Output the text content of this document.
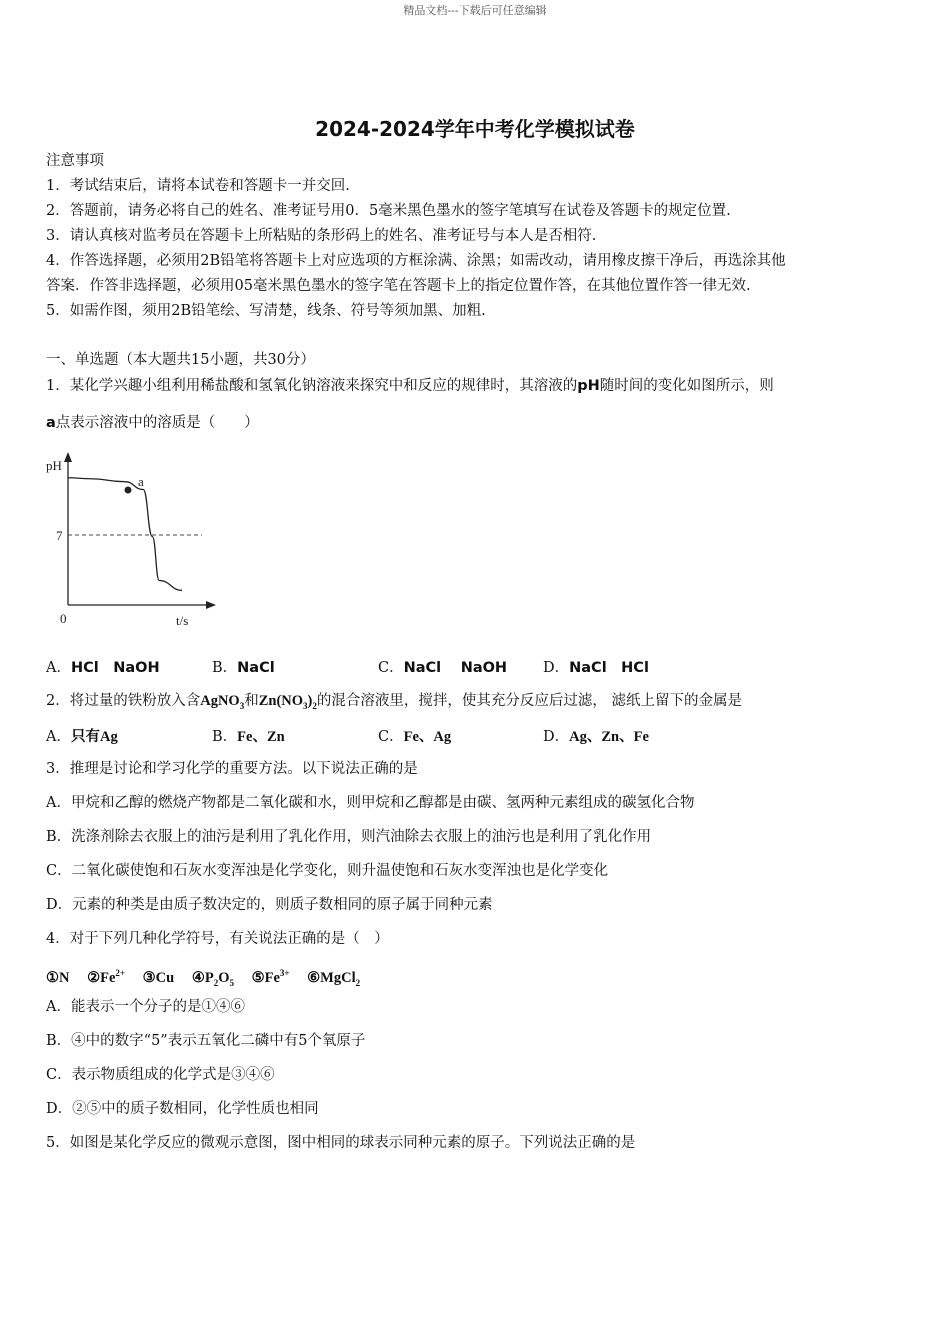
精品文档---下载后可任意编辑
2024-2024学年中考化学模拟试卷
注意事项
1．考试结束后，请将本试卷和答题卡一并交回.
2．答题前，请务必将自己的姓名、准考证号用0．5毫米黑色墨水的签字笔填写在试卷及答题卡的规定位置.
3．请认真核对监考员在答题卡上所粘贴的条形码上的姓名、准考证号与本人是否相符.
4．作答选择题，必须用2B铅笔将答题卡上对应选项的方框涂满、涂黑；如需改动，请用橡皮擦干净后，再选涂其他
答案．作答非选择题，必须用05毫米黑色墨水的签字笔在答题卡上的指定位置作答，在其他位置作答一律无效.
5．如需作图，须用2B铅笔绘、写清楚，线条、符号等须加黑、加粗.
一、单选题（本大题共15小题，共30分）
1．某化学兴趣小组利用稀盐酸和氢氧化钠溶液来探究中和反应的规律时，其溶液的pH随时间的变化如图所示，则
a点表示溶液中的溶质是（　　）
pH
t/s
0
7
a
A．HCl　NaOH	B．NaCl	C．NaCl　 NaOH D．NaCl　HCl
2．将过量的铁粉放入含AgNO$_3$和$Zn(NO_3)_2$的混合溶液里，搅拌，使其充分反应后过滤， 滤纸上留下的金属是
A．只有Ag	B．Fe、Zn	C．Fe、Ag	D．Ag、Zn、Fe
3．推理是讨论和学习化学的重要方法。以下说法正确的是
A．甲烷和乙醇的燃烧产物都是二氧化碳和水，则甲烷和乙醇都是由碳、氢两种元素组成的碳氢化合物
B．洗涤剂除去衣服上的油污是利用了乳化作用，则汽油除去衣服上的油污也是利用了乳化作用
C．二氧化碳使饱和石灰水变浑浊是化学变化，则升温使饱和石灰水变浑浊也是化学变化
D．元素的种类是由质子数决定的，则质子数相同的原子属于同种元素
4．对于下列几种化学符号，有关说法正确的是（　）
①N $②Fe^{2+}$ ③Cu $④P_2O_5$ $⑤Fe^{3+}$ ⑥MgCl$_2$
A．能表示一个分子的是①④⑥
B．④中的数字“5”表示五氧化二磷中有5个氧原子
C．表示物质组成的化学式是③④⑥
D．②⑤中的质子数相同，化学性质也相同
5．如图是某化学反应的微观示意图，图中相同的球表示同种元素的原子。下列说法正确的是
